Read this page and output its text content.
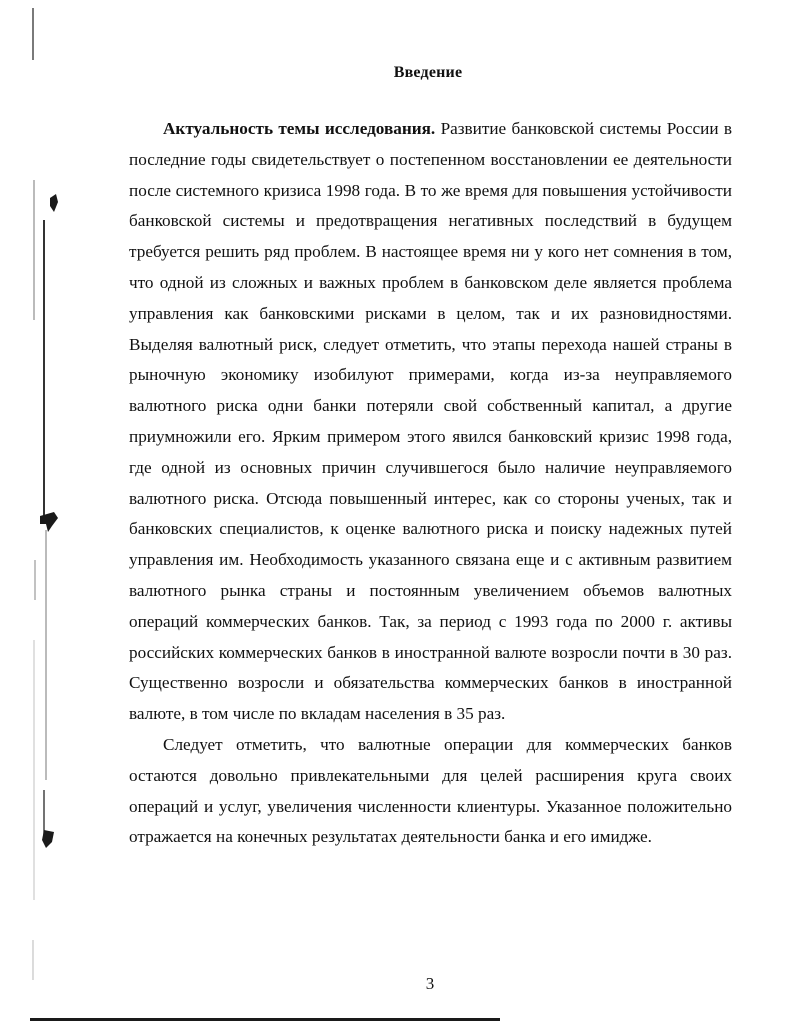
Введение

Актуальность темы исследования. Развитие банковской системы России в последние годы свидетельствует о постепенном восстановлении ее деятельности после системного кризиса 1998 года. В то же время для повышения устойчивости банковской системы и предотвращения негативных последствий в будущем требуется решить ряд проблем. В настоящее время ни у кого нет сомнения в том, что одной из сложных и важных проблем в банковском деле является проблема управления как банковскими рисками в целом, так и их разновидностями. Выделяя валютный риск, следует отметить, что этапы перехода нашей страны в рыночную экономику изобилуют примерами, когда из-за неуправляемого валютного риска одни банки потеряли свой собственный капитал, а другие приумножили его. Ярким примером этого явился банковский кризис 1998 года, где одной из основных причин случившегося было наличие неуправляемого валютного риска. Отсюда повышенный интерес, как со стороны ученых, так и банковских специалистов, к оценке валютного риска и поиску надежных путей управления им. Необходимость указанного связана еще и с активным развитием валютного рынка страны и постоянным увеличением объемов валютных операций коммерческих банков. Так, за период с 1993 года по 2000 г. активы российских коммерческих банков в иностранной валюте возросли почти в 30 раз. Существенно возросли и обязательства коммерческих банков в иностранной валюте, в том числе по вкладам населения в 35 раз.

Следует отметить, что валютные операции для коммерческих банков остаются довольно привлекательными для целей расширения круга своих операций и услуг, увеличения численности клиентуры. Указанное положительно отражается на конечных результатах деятельности банка и его имидже.

3
